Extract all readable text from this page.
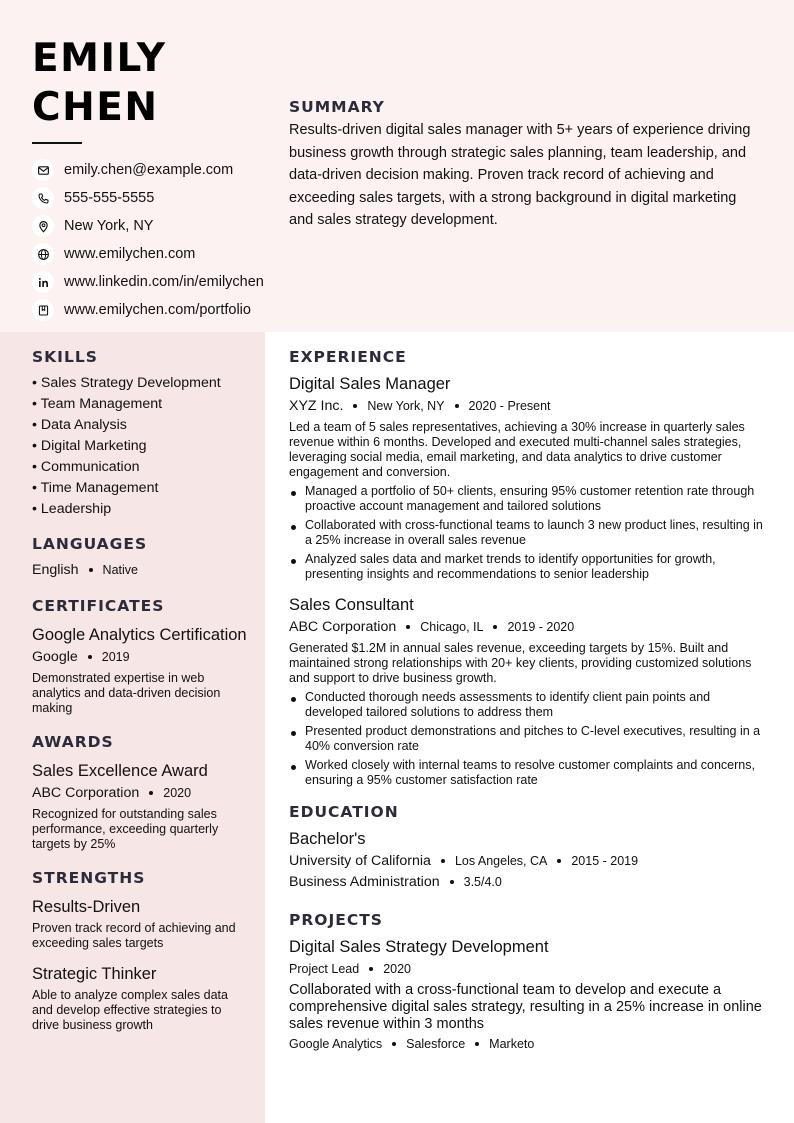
EMILY
CHEN
emily.chen@example.com
555-555-5555
New York, NY
www.emilychen.com
www.linkedin.com/in/emilychen
www.emilychen.com/portfolio
SUMMARY

Results-driven digital sales manager with 5+ years of experience driving business growth through strategic sales planning, team leadership, and data-driven decision making. Proven track record of achieving and exceeding sales targets, with a strong background in digital marketing and sales strategy development.

SKILLS
• Sales Strategy Development
• Team Management
• Data Analysis
• Digital Marketing
• Communication
• Time Management
• Leadership
LANGUAGES
English Native
CERTIFICATES
Google Analytics Certification
Google 2019

Demonstrated expertise in web analytics and data-driven decision making

AWARDS
Sales Excellence Award
ABC Corporation 2020

Recognized for outstanding sales performance, exceeding quarterly targets by 25%

STRENGTHS
Results-Driven

Proven track record of achieving and exceeding sales targets

Strategic Thinker

Able to analyze complex sales data and develop effective strategies to drive business growth

EXPERIENCE
Digital Sales Manager
XYZ Inc. New York, NY 2020 - Present

Led a team of 5 sales representatives, achieving a 30% increase in quarterly sales revenue within 6 months. Developed and executed multi-channel sales strategies, leveraging social media, email marketing, and data analytics to drive customer engagement and conversion.

Managed a portfolio of 50+ clients, ensuring 95% customer retention rate through proactive account management and tailored solutions
Collaborated with cross-functional teams to launch 3 new product lines, resulting in a 25% increase in overall sales revenue
Analyzed sales data and market trends to identify opportunities for growth, presenting insights and recommendations to senior leadership
Sales Consultant
ABC Corporation Chicago, IL 2019 - 2020

Generated $1.2M in annual sales revenue, exceeding targets by 15%. Built and maintained strong relationships with 20+ key clients, providing customized solutions and support to drive business growth.

Conducted thorough needs assessments to identify client pain points and developed tailored solutions to address them
Presented product demonstrations and pitches to C-level executives, resulting in a 40% conversion rate
Worked closely with internal teams to resolve customer complaints and concerns, ensuring a 95% customer satisfaction rate
EDUCATION
Bachelor's
University of California Los Angeles, CA 2015 - 2019
Business Administration 3.5/4.0
PROJECTS
Digital Sales Strategy Development
Project Lead 2020

Collaborated with a cross-functional team to develop and execute a comprehensive digital sales strategy, resulting in a 25% increase in online sales revenue within 3 months

Google Analytics Salesforce Marketo
